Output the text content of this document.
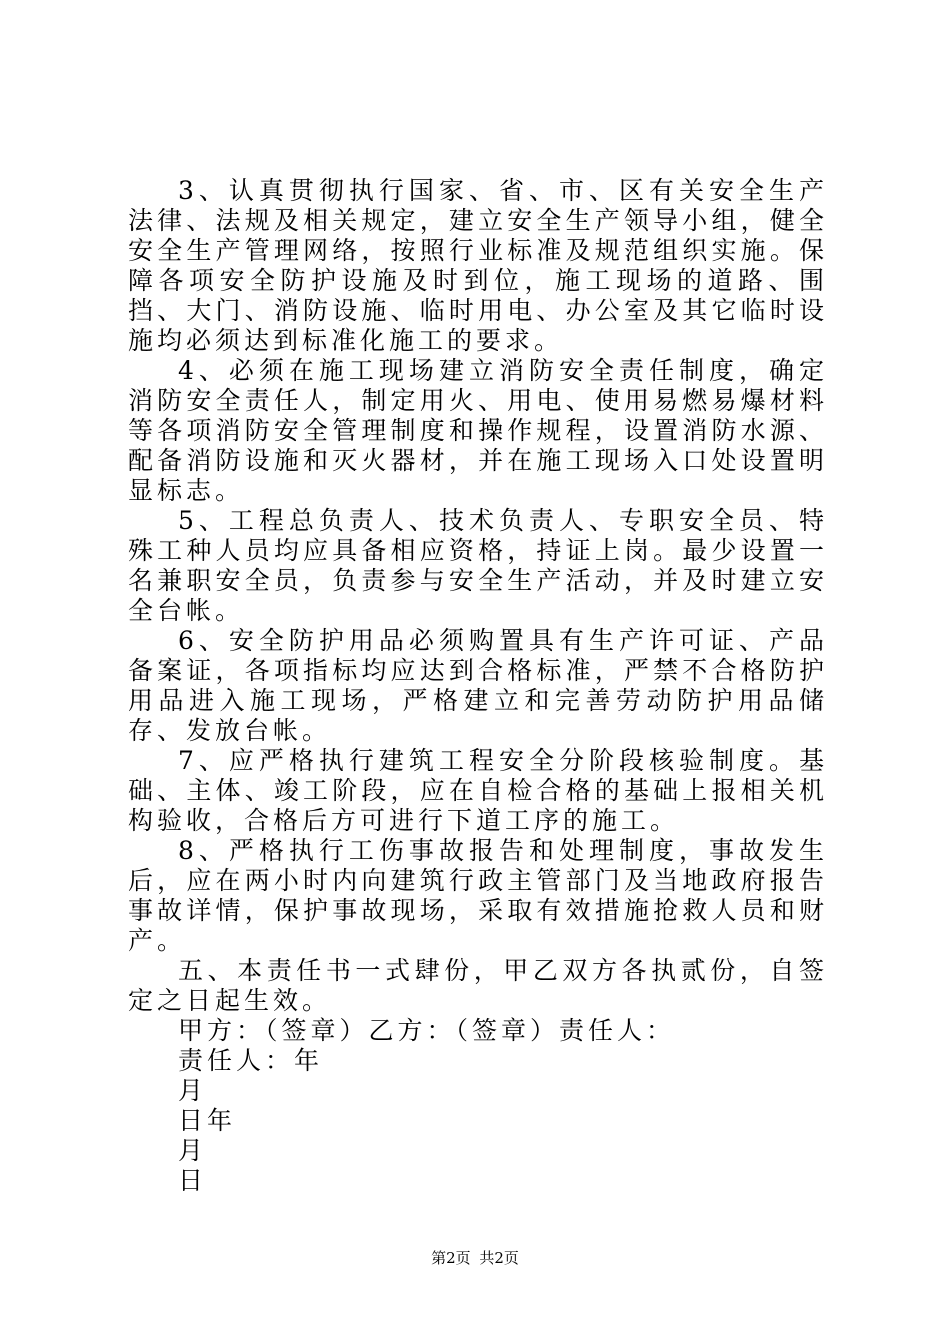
3、认真贯彻执行国家、省、市、区有关安全生产法律、法规及相关规定，建立安全生产领导小组，健全安全生产管理网络，按照行业标准及规范组织实施。保障各项安全防护设施及时到位，施工现场的道路、围挡、大门、消防设施、临时用电、办公室及其它临时设施均必须达到标准化施工的要求。

4、必须在施工现场建立消防安全责任制度，确定消防安全责任人，制定用火、用电、使用易燃易爆材料等各项消防安全管理制度和操作规程，设置消防水源、配备消防设施和灭火器材，并在施工现场入口处设置明显标志。

5、工程总负责人、技术负责人、专职安全员、特殊工种人员均应具备相应资格，持证上岗。最少设置一名兼职安全员，负责参与安全生产活动，并及时建立安全台帐。

6、安全防护用品必须购置具有生产许可证、产品备案证，各项指标均应达到合格标准，严禁不合格防护用品进入施工现场，严格建立和完善劳动防护用品储存、发放台帐。

7、应严格执行建筑工程安全分阶段核验制度。基础、主体、竣工阶段，应在自检合格的基础上报相关机构验收，合格后方可进行下道工序的施工。

8、严格执行工伤事故报告和处理制度，事故发生后，应在两小时内向建筑行政主管部门及当地政府报告事故详情，保护事故现场，采取有效措施抢救人员和财产。

五、本责任书一式肆份，甲乙双方各执贰份，自签定之日起生效。

甲方：（签章）乙方：（签章）责任人：

责任人：年

月

日年

月

日

第2页 共2页
